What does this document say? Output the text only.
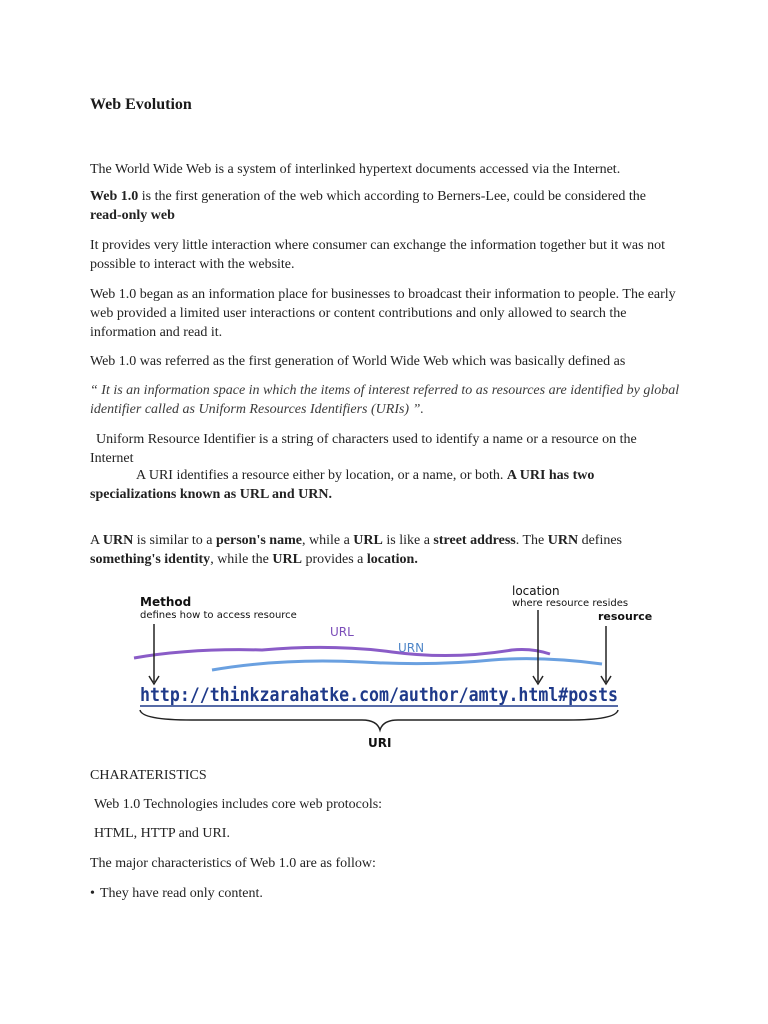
Web Evolution

The World Wide Web is a system of interlinked hypertext documents accessed via the Internet.

Web 1.0 is the first generation of the web which according to Berners-Lee, could be considered the read-only web

It provides very little interaction where consumer can exchange the information together but it was not possible to interact with the website.

Web 1.0 began as an information place for businesses to broadcast their information to people. The early web provided a limited user interactions or content contributions and only allowed to search the information and read it.

Web 1.0 was referred as the first generation of World Wide Web which was basically defined as

“ It is an information space in which the items of interest referred to as resources are identified by global identifier called as Uniform Resources Identifiers (URIs) ”.

Uniform Resource Identifier is a string of characters used to identify a name or a resource on the Internet

A URI identifies a resource either by location, or a name, or both. A URI has two specializations known as URL and URN.

A URN is similar to a person's name, while a URL is like a street address. The URN defines something's identity, while the URL provides a location.

Method
defines how to access resource
location
where resource resides
resource
URL
URN
http://thinkzarahatke.com/author/amty.html#posts
URI

CHARATERISTICS

Web 1.0 Technologies includes core web protocols:

HTML, HTTP and URI.

The major characteristics of Web 1.0 are as follow:

• They have read only content.
